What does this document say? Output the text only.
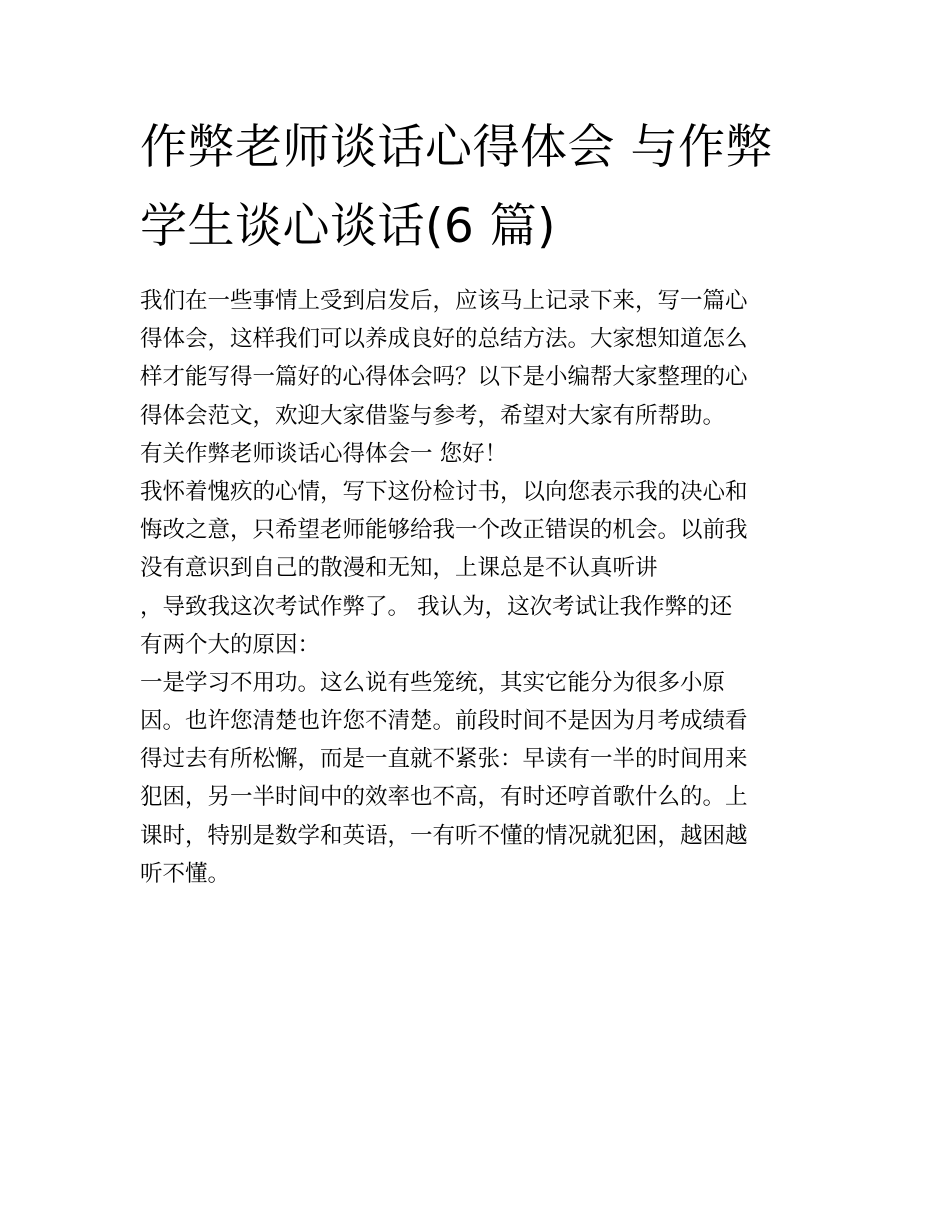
作弊老师谈话心得体会 与作弊
学生谈心谈话(6 篇)

我们在一些事情上受到启发后，应该马上记录下来，写一篇心

得体会，这样我们可以养成良好的总结方法。大家想知道怎么

样才能写得一篇好的心得体会吗？以下是小编帮大家整理的心

得体会范文，欢迎大家借鉴与参考，希望对大家有所帮助。

有关作弊老师谈话心得体会一 您好！

我怀着愧疚的心情，写下这份检讨书，以向您表示我的决心和

悔改之意，只希望老师能够给我一个改正错误的机会。以前我

没有意识到自己的散漫和无知，上课总是不认真听讲

，导致我这次考试作弊了。 我认为，这次考试让我作弊的还

有两个大的原因：

一是学习不用功。这么说有些笼统，其实它能分为很多小原

因。也许您清楚也许您不清楚。前段时间不是因为月考成绩看

得过去有所松懈，而是一直就不紧张：早读有一半的时间用来

犯困，另一半时间中的效率也不高，有时还哼首歌什么的。上

课时，特别是数学和英语，一有听不懂的情况就犯困，越困越

听不懂。
